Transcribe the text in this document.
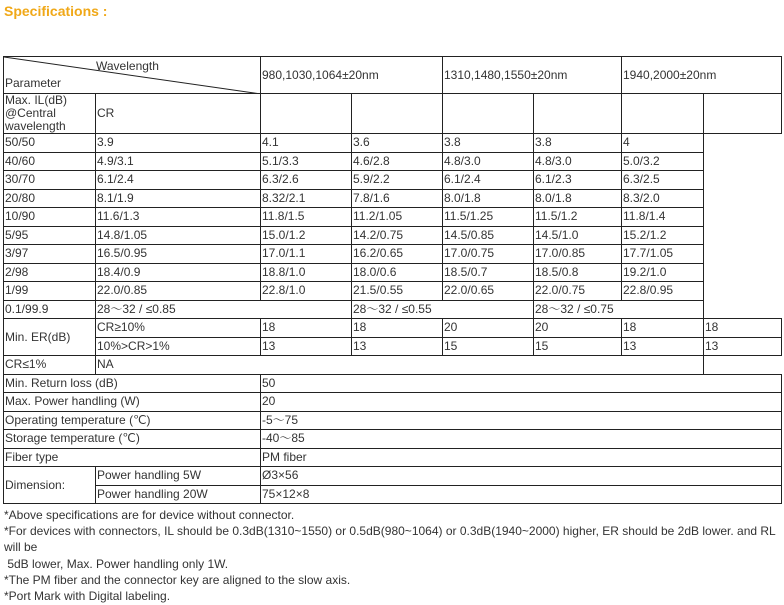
Specifications :
Wavelength
Parameter		980,1030,1064±20nm		1310,1480,1550±20nm		1940,2000±20nm	
Max. IL(dB) @Central wavelength	CR						
50/50	3.9	4.1	3.6	3.8	3.8	4	
40/60	4.9/3.1	5.1/3.3	4.6/2.8	4.8/3.0	4.8/3.0	5.0/3.2	
30/70	6.1/2.4	6.3/2.6	5.9/2.2	6.1/2.4	6.1/2.3	6.3/2.5	
20/80	8.1/1.9	8.32/2.1	7.8/1.6	8.0/1.8	8.0/1.8	8.3/2.0	
10/90	11.6/1.3	11.8/1.5	11.2/1.05	11.5/1.25	11.5/1.2	11.8/1.4	
5/95	14.8/1.05	15.0/1.2	14.2/0.75	14.5/0.85	14.5/1.0	15.2/1.2	
3/97	16.5/0.95	17.0/1.1	16.2/0.65	17.0/0.75	17.0/0.85	17.7/1.05	
2/98	18.4/0.9	18.8/1.0	18.0/0.6	18.5/0.7	18.5/0.8	19.2/1.0	
1/99	22.0/0.85	22.8/1.0	21.5/0.55	22.0/0.65	22.0/0.75	22.8/0.95	
0.1/99.9	28～32 / ≤0.85		28～32 / ≤0.55		28～32 / ≤0.75		
Min. ER(dB)	CR≥10%	18	18	20	20	18	18
	10%>CR>1%	13	13	15	15	13	13
CR≤1%	NA						
Min. Return loss (dB)		50					
Max. Power handling (W)		20					
Operating temperature (℃)		-5～75					
Storage temperature (℃)		-40～85					
Fiber type		PM fiber					
Dimension:	Power handling 5W	Ø3×56					
	Power handling 20W	75×12×8					

*Above specifications are for device without connector.

*For devices with connectors, IL should be 0.3dB(1310~1550) or 0.5dB(980~1064) or 0.3dB(1940~2000) higher, ER should be 2dB lower. and RL will be

5dB lower, Max. Power handling only 1W.

*The PM fiber and the connector key are aligned to the slow axis.

*Port Mark with Digital labeling.
